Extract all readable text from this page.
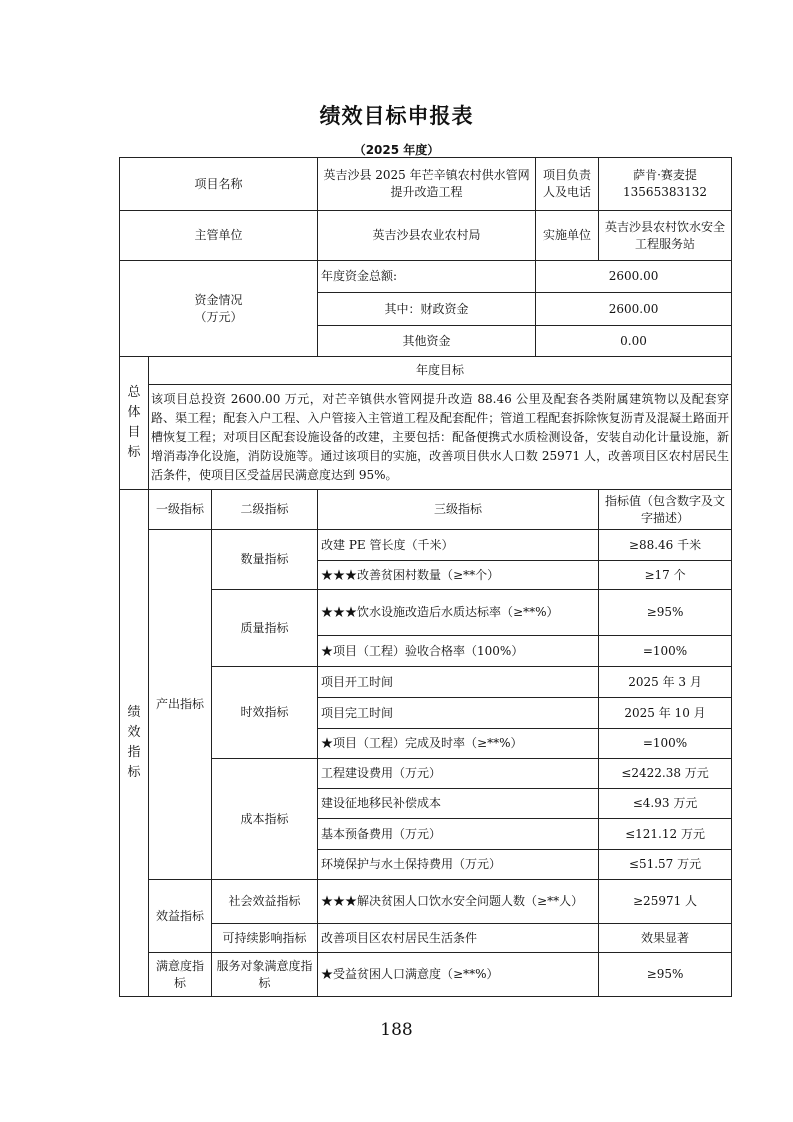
绩效目标申报表
（2025 年度）
项目名称			英吉沙县 2025 年芒辛镇农村供水管网提升改造工程	项目负责人及电话	萨肯·赛麦提
13565383132

主管单位			英吉沙县农业农村局	实施单位	英吉沙县农村饮水安全工程服务站

资金情况
（万元）			年度资金总额:	2600.00	
			其中：财政资金	2600.00	
			其他资金	0.00	

总体目标	年度目标				
	该项目总投资 2600.00 万元，对芒辛镇供水管网提升改造 88.46 公里及配套各类附属建筑物以及配套穿路、渠工程；配套入户工程、入户管接入主管道工程及配套配件；管道工程配套拆除恢复沥青及混凝土路面开槽恢复工程；对项目区配套设施设备的改建，主要包括：配备便携式水质检测设备，安装自动化计量设施，新增消毒净化设施，消防设施等。通过该项目的实施，改善项目供水人口数 25971 人，改善项目区农村居民生活条件，使项目区受益居民满意度达到 95%。				

绩效指标	一级指标	二级指标	三级指标		指标值（包含数字及文字描述）
	产出指标	数量指标	改建 PE 管长度（千米）		≥88.46 千米
			★★★改善贫困村数量（≥**个）		≥17 个
		质量指标	★★★饮水设施改造后水质达标率（≥**%）		≥95%
			★项目（工程）验收合格率（100%）		=100%
		时效指标	项目开工时间		2025 年 3 月
			项目完工时间		2025 年 10 月
			★项目（工程）完成及时率（≥**%）		=100%
		成本指标	工程建设费用（万元）		≤2422.38 万元
			建设征地移民补偿成本		≤4.93 万元
			基本预备费用（万元）		≤121.12 万元
			环境保护与水土保持费用（万元）		≤51.57 万元
	效益指标	社会效益指标	★★★解决贫困人口饮水安全问题人数（≥**人）		≥25971 人
		可持续影响指标	改善项目区农村居民生活条件		效果显著
	满意度指标	服务对象满意度指标	★受益贫困人口满意度（≥**%）		≥95%
188
